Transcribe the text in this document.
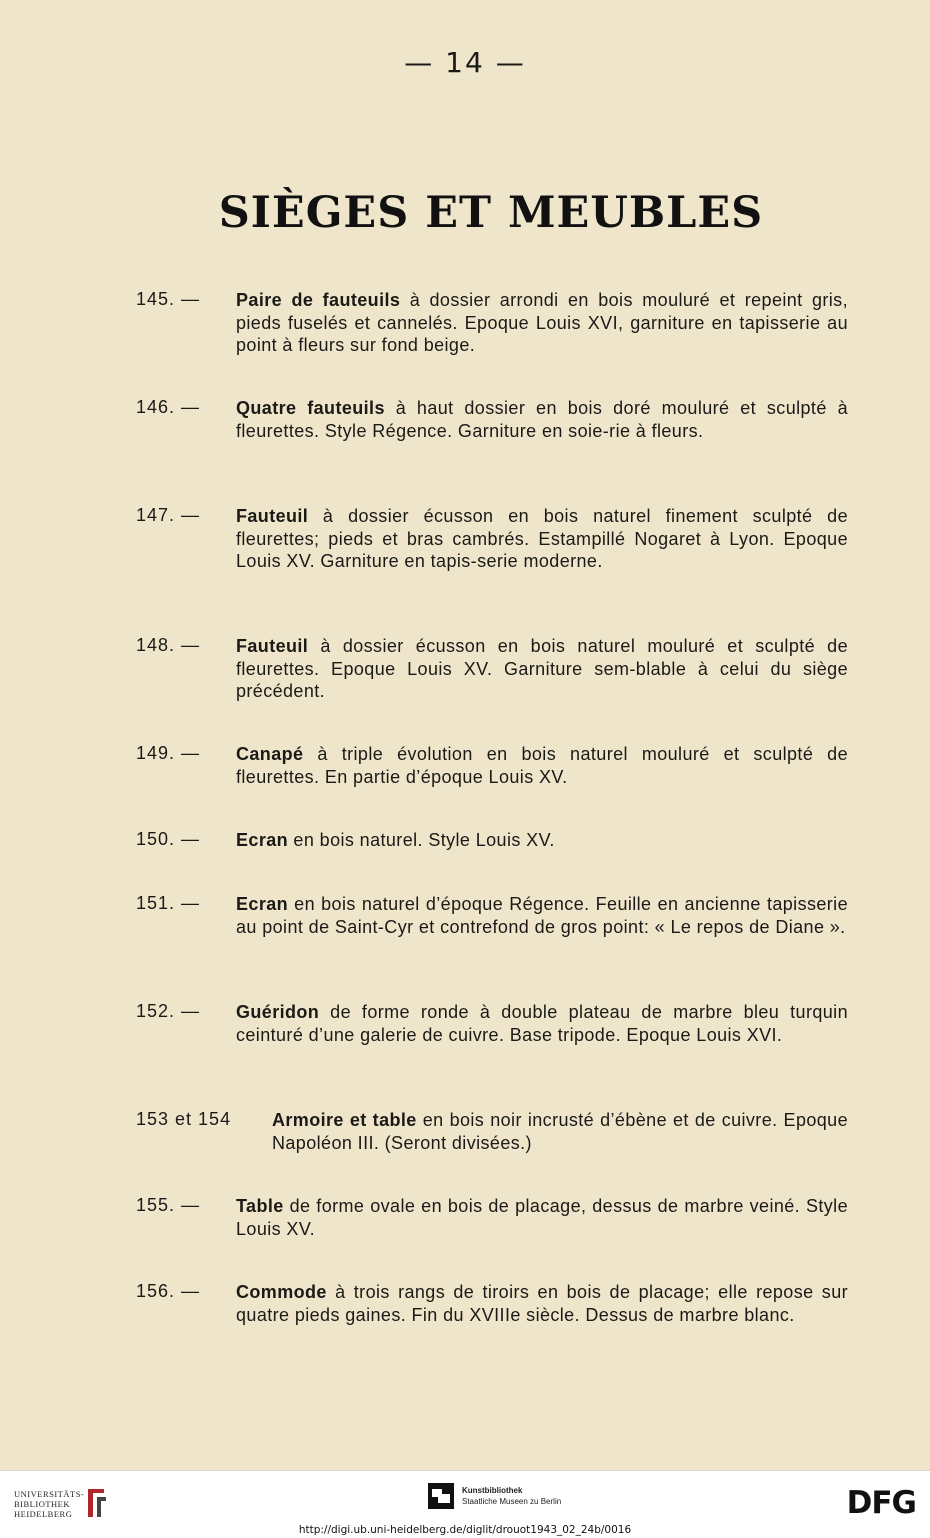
— 14 —
SIÈGES ET MEUBLES
145. —	Paire de fauteuils à dossier arrondi en bois mouluré et repeint gris, pieds fuselés et cannelés. Epoque Louis XVI, garniture en tapisserie au point à fleurs sur fond beige.
146. —	Quatre fauteuils à haut dossier en bois doré mouluré et sculpté à fleurettes. Style Régence. Garniture en soie-rie à fleurs.
147. —	Fauteuil à dossier écusson en bois naturel finement sculpté de fleurettes; pieds et bras cambrés. Estampillé Nogaret à Lyon. Epoque Louis XV. Garniture en tapis-serie moderne.
148. —	Fauteuil à dossier écusson en bois naturel mouluré et sculpté de fleurettes. Epoque Louis XV. Garniture sem-blable à celui du siège précédent.
149. —	Canapé à triple évolution en bois naturel mouluré et sculpté de fleurettes. En partie d’époque Louis XV.
150. —	Ecran en bois naturel. Style Louis XV.
151. —	Ecran en bois naturel d’époque Régence. Feuille en ancienne tapisserie au point de Saint-Cyr et contrefond de gros point: « Le repos de Diane ».
152. —	Guéridon de forme ronde à double plateau de marbre bleu turquin ceinturé d’une galerie de cuivre. Base tripode. Epoque Louis XVI.
153 et 154 Armoire et table en bois noir incrusté d’ébène et de cuivre. Epoque Napoléon III. (Seront divisées.)
155. —	Table de forme ovale en bois de placage, dessus de marbre veiné. Style Louis XV.
156. —	Commode à trois rangs de tiroirs en bois de placage; elle repose sur quatre pieds gaines. Fin du XVIIIe siècle. Dessus de marbre blanc.
UNIVERSITÄTS-
BIBLIOTHEK
HEIDELBERG
Kunstbibliothek
Staatliche Museen zu Berlin	DFG
http://digi.ub.uni-heidelberg.de/diglit/drouot1943_02_24b/0016
